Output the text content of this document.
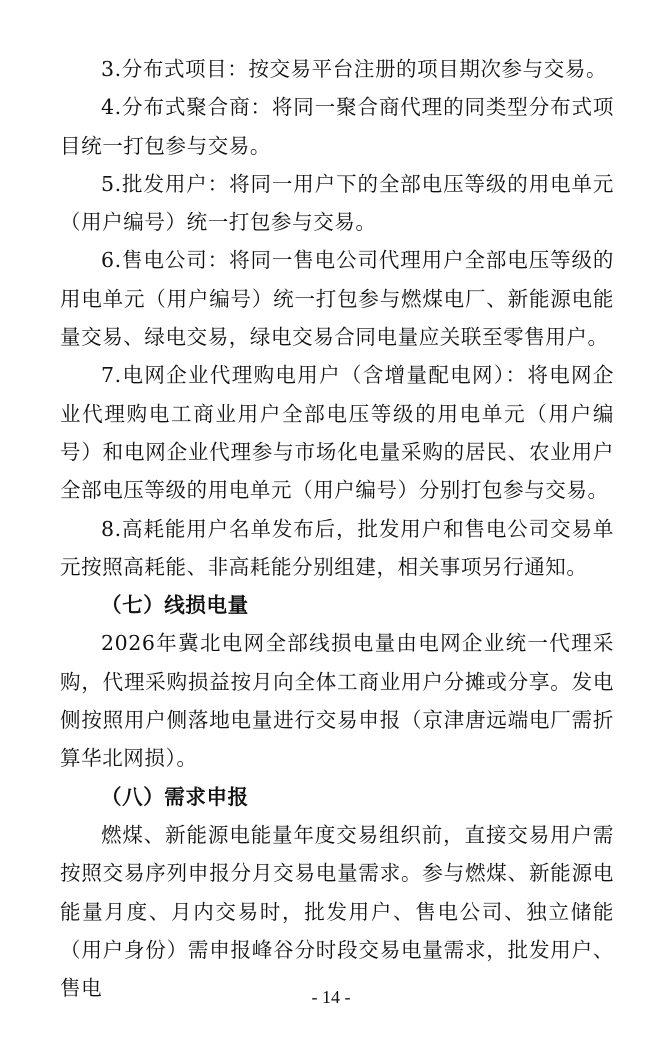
3.分布式项目：按交易平台注册的项目期次参与交易。

4.分布式聚合商：将同一聚合商代理的同类型分布式项目统一打包参与交易。

5.批发用户：将同一用户下的全部电压等级的用电单元（用户编号）统一打包参与交易。

6.售电公司：将同一售电公司代理用户全部电压等级的用电单元（用户编号）统一打包参与燃煤电厂、新能源电能量交易、绿电交易，绿电交易合同电量应关联至零售用户。

7.电网企业代理购电用户（含增量配电网）：将电网企业代理购电工商业用户全部电压等级的用电单元（用户编号）和电网企业代理参与市场化电量采购的居民、农业用户全部电压等级的用电单元（用户编号）分别打包参与交易。

8.高耗能用户名单发布后，批发用户和售电公司交易单元按照高耗能、非高耗能分别组建，相关事项另行通知。

（七）线损电量

2026年冀北电网全部线损电量由电网企业统一代理采购，代理采购损益按月向全体工商业用户分摊或分享。发电侧按照用户侧落地电量进行交易申报（京津唐远端电厂需折算华北网损）。

（八）需求申报

燃煤、新能源电能量年度交易组织前，直接交易用户需按照交易序列申报分月交易电量需求。参与燃煤、新能源电能量月度、月内交易时，批发用户、售电公司、独立储能（用户身份）需申报峰谷分时段交易电量需求，批发用户、售电	- 14 -
